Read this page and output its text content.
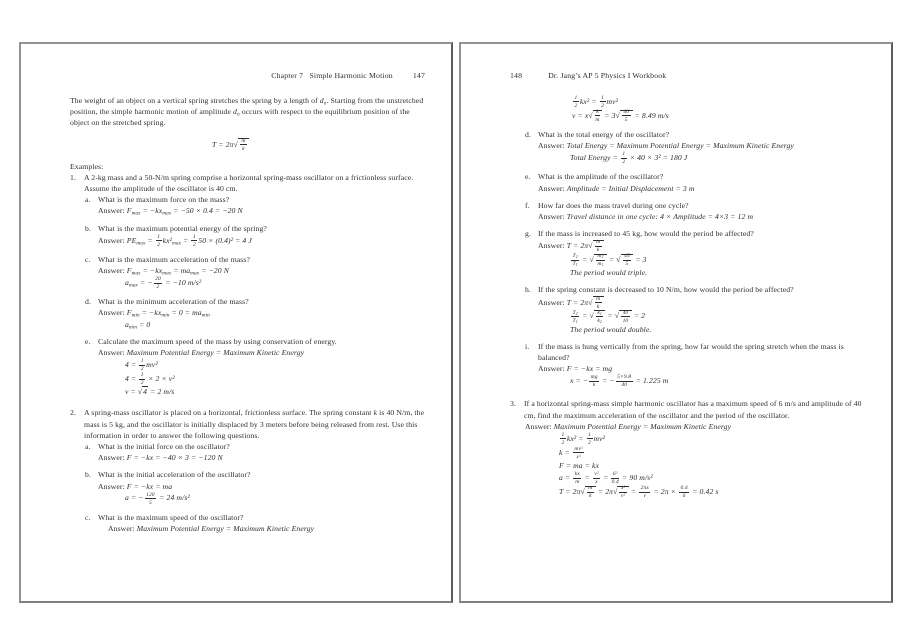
Chapter 7   Simple Harmonic Motion	147
The weight of an object on a vertical spring stretches the spring by a length of $d_o$. Starting from the unstretched position, the simple harmonic motion of amplitude $d_o$ occurs with respect to the equilibrium position of the object on the stretched spring.
$T = 2\pi√ \frac{m}{k}$
Examples:
1.	A 2-kg mass and a 50-N/m spring comprise a horizontal spring-mass oscillator on a frictionless surface. Assume the amplitude of the oscillator is 40 cm.
a. What is the maximum force on the mass?
Answer: $F_{max} = -kx_{max} = -50 \times 0.4 = -20$ N
b. What is the maximum potential energy of the spring?
Answer: $PE_{max} = \frac{1}{2} kx^2_{max} = \frac{1}{2} 50 \times (0.4)^2 = 4$ J
c. What is the maximum acceleration of the mass?
Answer: $F_{max} = -kx_{max} = ma_{max} = -20$ N
$a_{max}$ = − $\frac{20}{2} = -10$ m/s²
d. What is the minimum acceleration of the mass?
Answer: $F_{min} = -kx_{min} = 0 = ma_{min}$
$a_{min} = 0$
e. Calculate the maximum speed of the mass by using conservation of energy.
Answer: Maximum Potential Energy = Maximum Kinetic Energy
$4 = \frac{1}{2} mv^2$
$4 = \frac{1}{2} \times 2 \times v^2$
v = √4 = 2 m/s
2.	A spring-mass oscillator is placed on a horizontal, frictionless surface. The spring constant k is 40 N/m, the mass is 5 kg, and the oscillator is initially displaced by 3 meters before being released from rest. Use this information in order to answer the following questions.
a. What is the initial force on the oscillator?
Answer: F = −kx = −40 × 3 = −120 N
b. What is the initial acceleration of the oscillator?
Answer: F = −kx = ma
a = − $\frac{120}{5} = 24$ m/s²
c. What is the maximum speed of the oscillator?
Answer: Maximum Potential Energy = Maximum Kinetic Energy
148	Dr. Jang’s AP 5 Physics I Workbook
$\frac{1}{2} kx^2 = \frac{1}{2} mv^2$
$v = x√ \frac{k}{m} = 3√ \frac{40}{5} = 8.49$ m/s
d. What is the total energy of the oscillator?
Answer: Total Energy = Maximum Potential Energy = Maximum Kinetic Energy
Total Energy = $\frac{1}{2} \times 40 \times 3^2 = 180$ J
e. What is the amplitude of the oscillator?
Answer: Amplitude = Initial Displacement = 3 m
f.	How far does the mass travel during one cycle?
Answer: Travel distance in one cycle: 4 × Amplitude = 4×3 = 12 m
g. If the mass is increased to 45 kg, how would the period be affected?
Answer: $T = 2\pi√ \frac{m}{k}$
$\frac{T_2}{T_1}$ = √ $\frac{m_2}{m_1}$ = √ $\frac{45}{5} = 3$
The period would triple.
h. If the spring constant is decreased to 10 N/m, how would the period be affected?
Answer: $T = 2\pi√ \frac{m}{k}$
$\frac{T_2}{T_1}$ = √ $\frac{k_1}{k_2}$ = √ $\frac{40}{10} = 2$
The period would double.
i.	If the mass is hung vertically from the spring, how far would the spring stretch when the mass is balanced?
Answer: F = −kx = mg
x = − $\frac{mg}{k}$ = − $\frac{5\times 9.8}{40} = 1.225$ m
3.	If a horizontal spring-mass simple harmonic oscillator has a maximum speed of 6 m/s and amplitude of 40 cm, find the maximum acceleration of the oscillator and the period of the oscillator.
Answer: Maximum Potential Energy = Maximum Kinetic Energy
$\frac{1}{2} kx^2 = \frac{1}{2} mv^2$
$k = \frac{\text{mv²}}{\text{x²}}$
F = ma = kx
$a = \frac{kx}{m} = \frac{\text{v²}}{x} = \frac{\text{6²}}{0.4} = 90$ m/s²
$T = 2\pi√ \frac{m}{k} = 2\pi√ \frac{\text{x²}}{\text{v²}} = \frac{2\pi x}{v} = 2\pi \times \frac{0.4}{6} = 0.42$ s
